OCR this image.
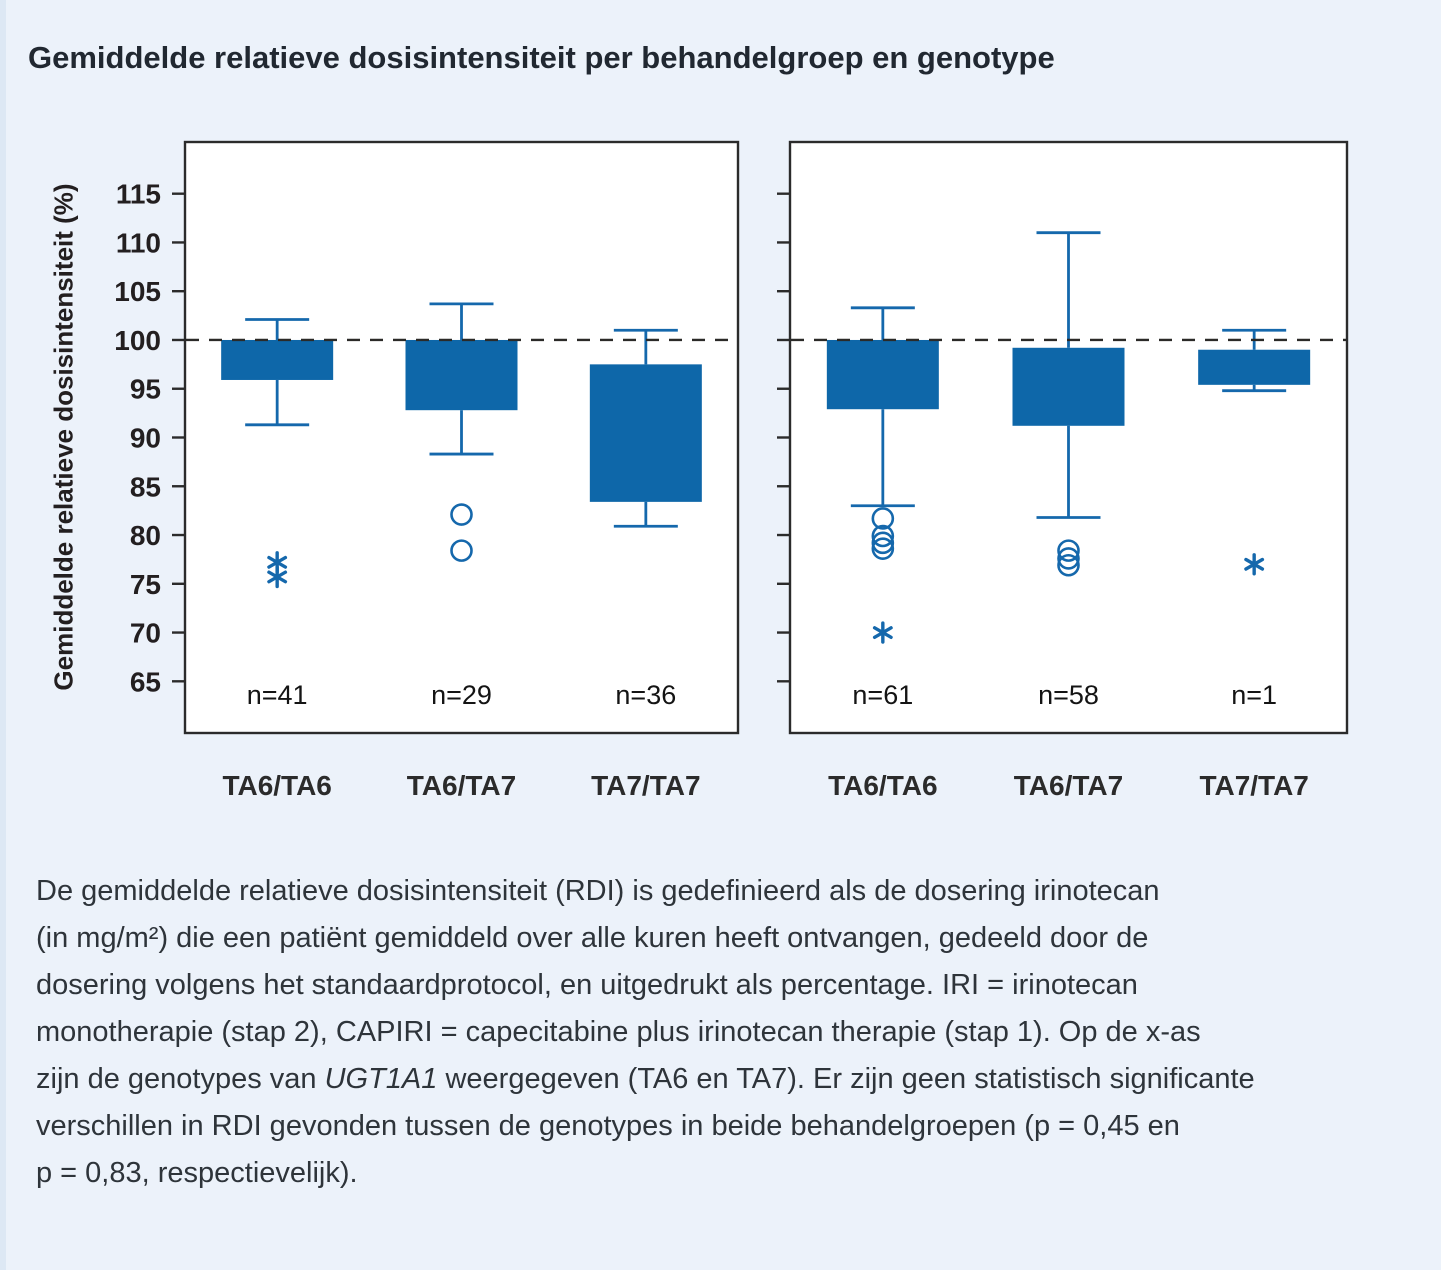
Gemiddelde relatieve dosisintensiteit per behandelgroep en genotype
Gemiddelde relatieve dosisintensiteit (%) 115
110
105
100
95
90
85
80
75
70
65	n=41
TA6/TA6
n=29
TA6/TA7
n=36
TA7/TA7
n=61
TA6/TA6
n=58
TA6/TA7
n=1
TA7/TA7

De gemiddelde relatieve dosisintensiteit (RDI) is gedefinieerd als de dosering irinotecan
(in mg/m²) die een patiënt gemiddeld over alle kuren heeft ontvangen, gedeeld door de
dosering volgens het standaardprotocol, en uitgedrukt als percentage. IRI = irinotecan
monotherapie (stap 2), CAPIRI = capecitabine plus irinotecan therapie (stap 1). Op de x-as
zijn de genotypes van UGT1A1 weergegeven (TA6 en TA7). Er zijn geen statistisch significante
verschillen in RDI gevonden tussen de genotypes in beide behandelgroepen (p = 0,45 en
p = 0,83, respectievelijk).
